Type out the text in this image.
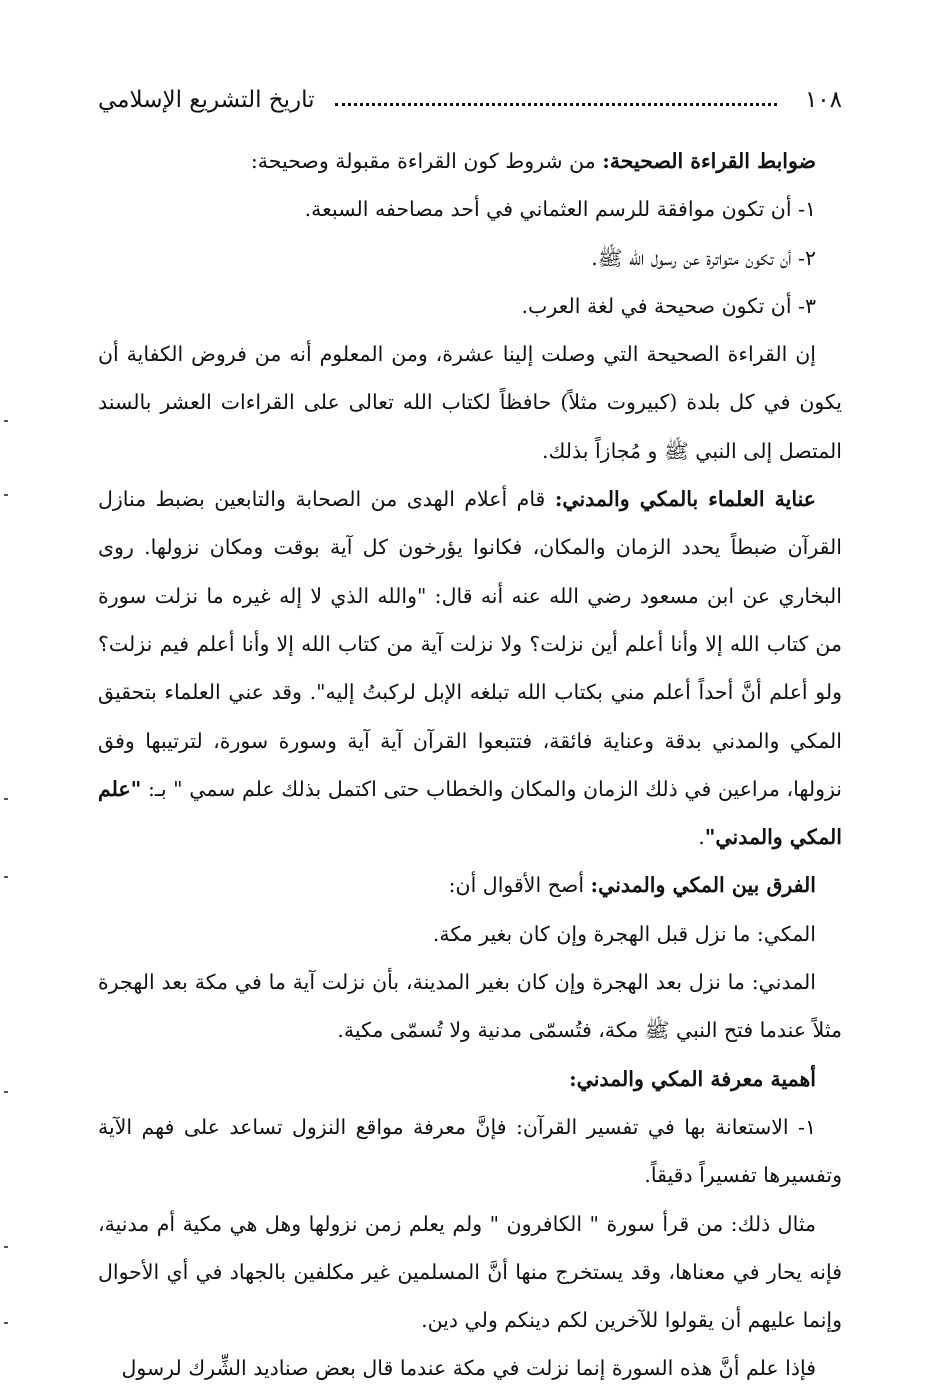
١٠٨
تاريخ التشريع الإسلامي

ضوابط القراءة الصحيحة: من شروط كون القراءة مقبولة وصحيحة:

١- أن تكون موافقة للرسم العثماني في أحد مصاحفه السبعة.

٢- أن تكون متواترة عن رسول الله ﷺ.

٣- أن تكون صحيحة في لغة العرب.

إن القراءة الصحيحة التي وصلت إلينا عشرة، ومن المعلوم أنه من فروض الكفاية أن يكون في كل بلدة (كبيروت مثلاً) حافظاً لكتاب الله تعالى على القراءات العشر بالسند المتصل إلى النبي ﷺ و مُجازاً بذلك.

عناية العلماء بالمكي والمدني: قام أعلام الهدى من الصحابة والتابعين بضبط منازل القرآن ضبطاً يحدد الزمان والمكان، فكانوا يؤرخون كل آية بوقت ومكان نزولها. روى البخاري عن ابن مسعود رضي الله عنه أنه قال: "والله الذي لا إله غيره ما نزلت سورة من كتاب الله إلا وأنا أعلم أين نزلت؟ ولا نزلت آية من كتاب الله إلا وأنا أعلم فيم نزلت؟ ولو أعلم أنَّ أحداً أعلم مني بكتاب الله تبلغه الإبل لركبتُ إليه". وقد عني العلماء بتحقيق المكي والمدني بدقة وعناية فائقة، فتتبعوا القرآن آية آية وسورة سورة، لترتيبها وفق نزولها، مراعين في ذلك الزمان والمكان والخطاب حتى اكتمل بذلك علم سمي " بـ: "علم المكي والمدني".

الفرق بين المكي والمدني: أصح الأقوال أن:

المكي: ما نزل قبل الهجرة وإن كان بغير مكة.

المدني: ما نزل بعد الهجرة وإن كان بغير المدينة، بأن نزلت آية ما في مكة بعد الهجرة مثلاً عندما فتح النبي ﷺ مكة، فتُسمّى مدنية ولا تُسمّى مكية.

أهمية معرفة المكي والمدني:

١- الاستعانة بها في تفسير القرآن: فإنَّ معرفة مواقع النزول تساعد على فهم الآية وتفسيرها تفسيراً دقيقاً.

مثال ذلك: من قرأ سورة " الكافرون " ولم يعلم زمن نزولها وهل هي مكية أم مدنية، فإنه يحار في معناها، وقد يستخرج منها أنَّ المسلمين غير مكلفين بالجهاد في أي الأحوال وإنما عليهم أن يقولوا للآخرين لكم دينكم ولي دين.

فإذا علم أنَّ هذه السورة إنما نزلت في مكة عندما قال بعض صناديد الشِّرك لرسول
